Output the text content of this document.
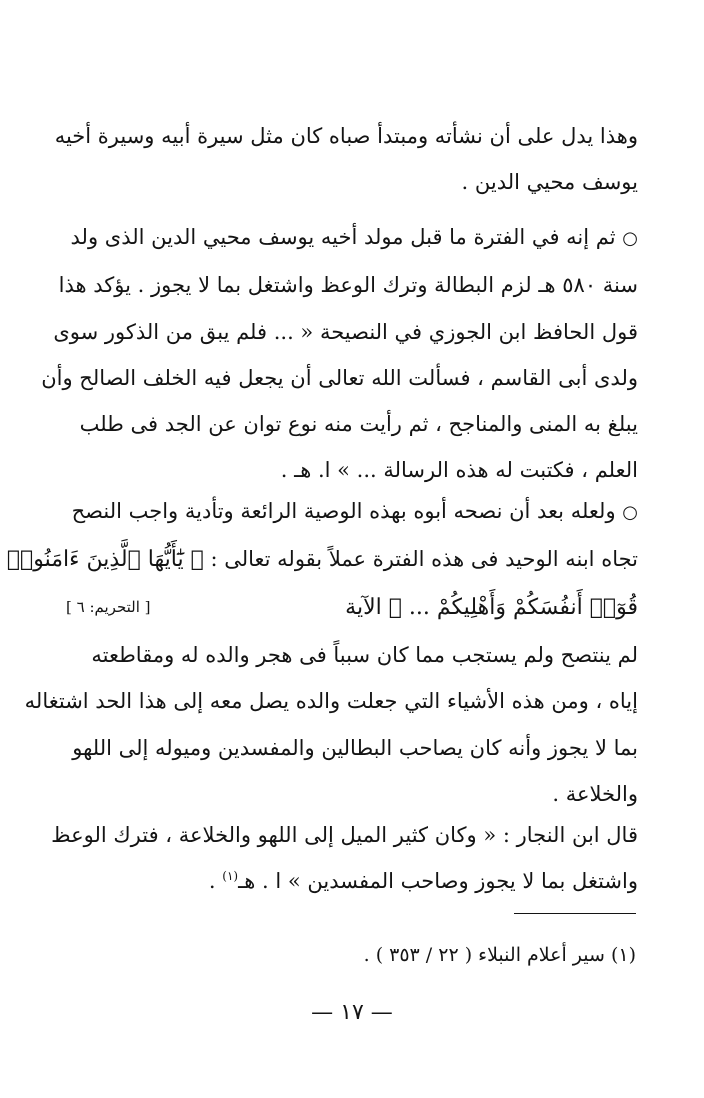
وهذا يدل على أن نشأته ومبتدأ صباه كان مثل سيرة أبيه وسيرة أخيه
يوسف محيي الدين .
○ ثم إنه في الفترة ما قبل مولد أخيه يوسف محيي الدين الذى ولد
سنة ٥٨٠ هـ لزم البطالة وترك الوعظ واشتغل بما لا يجوز . يؤكد هذا
قول الحافظ ابن الجوزي في النصيحة « ... فلم يبق من الذكور سوى
ولدى أبى القاسم ، فسألت الله تعالى أن يجعل فيه الخلف الصالح وأن
يبلغ به المنى والمناجح ، ثم رأيت منه نوع توان عن الجد فى طلب
العلم ، فكتبت له هذه الرسالة ... » ا. هـ .
○ ولعله بعد أن نصحه أبوه بهذه الوصية الرائعة وتأدية واجب النصح
تجاه ابنه الوحيد فى هذه الفترة عملاً بقوله تعالى : ﴿ يَٰٓأَيُّهَا ٱلَّذِينَ ءَامَنُوا۟
قُوٓا۟ أَنفُسَكُمْ وَأَهْلِيكُمْ ... ﴾ الآية
[ التحريم: ٦ ]
لم ينتصح ولم يستجب مما كان سبباً فى هجر والده له ومقاطعته
إياه ، ومن هذه الأشياء التي جعلت والده يصل معه إلى هذا الحد اشتغاله
بما لا يجوز وأنه كان يصاحب البطالين والمفسدين وميوله إلى اللهو
والخلاعة .
قال ابن النجار : « وكان كثير الميل إلى اللهو والخلاعة ، فترك الوعظ
واشتغل بما لا يجوز وصاحب المفسدين » ا . هـ$^{(١)}$ .
(١) سير أعلام النبلاء ( ٢٢ / ٣٥٣ ) .
— ١٧ —
